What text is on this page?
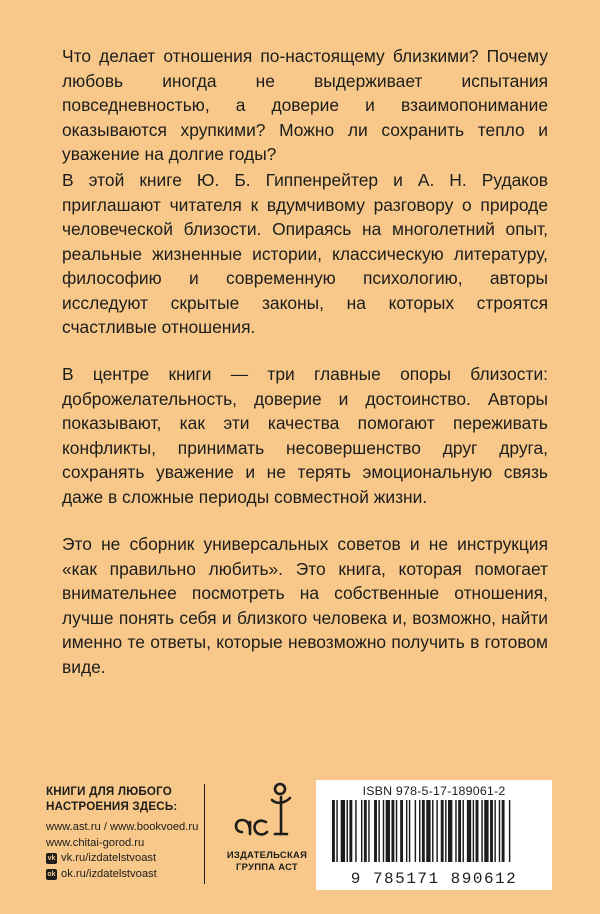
Что делает отношения по-настоящему близкими? Почему любовь иногда не выдерживает испытания повседневностью, а доверие и взаимопонимание оказываются хрупкими? Можно ли сохранить тепло и уважение на долгие годы?

В этой книге Ю. Б. Гиппенрейтер и А. Н. Рудаков приглашают читателя к вдумчивому разговору о природе человеческой близости. Опираясь на многолетний опыт, реальные жизненные истории, классическую литературу, философию и современную психологию, авторы исследуют скрытые законы, на которых строятся счастливые отношения.

В центре книги — три главные опоры близости: доброжелательность, доверие и достоинство. Авторы показывают, как эти качества помогают переживать конфликты, принимать несовершенство друг друга, сохранять уважение и не терять эмоциональную связь даже в сложные периоды совместной жизни.

Это не сборник универсальных советов и не инструкция «как правильно любить». Это книга, которая помогает внимательнее посмотреть на собственные отношения, лучше понять себя и близкого человека и, возможно, найти именно те ответы, которые невозможно получить в готовом виде.

КНИГИ ДЛЯ ЛЮБОГО
НАСТРОЕНИЯ ЗДЕСЬ:
www.ast.ru / www.bookvoed.ru
www.chitai-gorod.ru
vk vk.ru/izdatelstvoast
ok ok.ru/izdatelstvoast
ИЗДАТЕЛЬСКАЯ
ГРУППА АСТ
ISBN 978-5-17-189061-2
9 785171 890612
